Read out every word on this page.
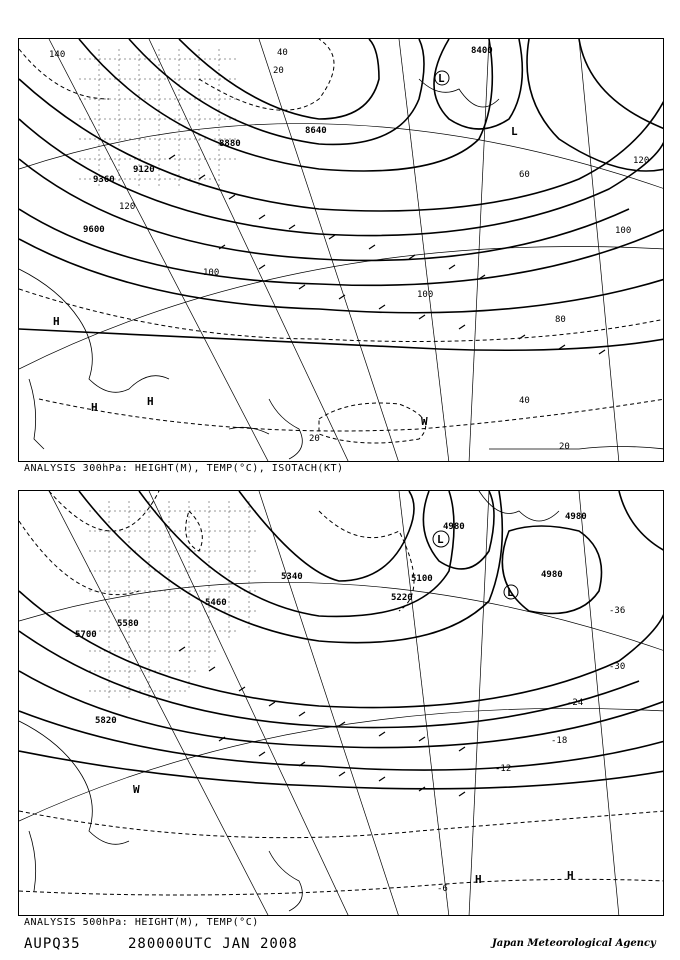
9600
9360
9120
8880
8640
8400
140
120
120
100
100
100
80
60
40
20
40
20
20
L
L
H
H	H
W
ANALYSIS 300hPa: HEIGHT(M), TEMP(°C), ISOTACH(KT)
5820
5700
5580
5460
5340
5220
5100
4980
4980
4980
-36
-30
-24
-18
-12
-6
L
L
H	H
W
ANALYSIS 500hPa: HEIGHT(M), TEMP(°C)
AUPQ35	280000UTC JAN 2008	Japan Meteorological Agency
